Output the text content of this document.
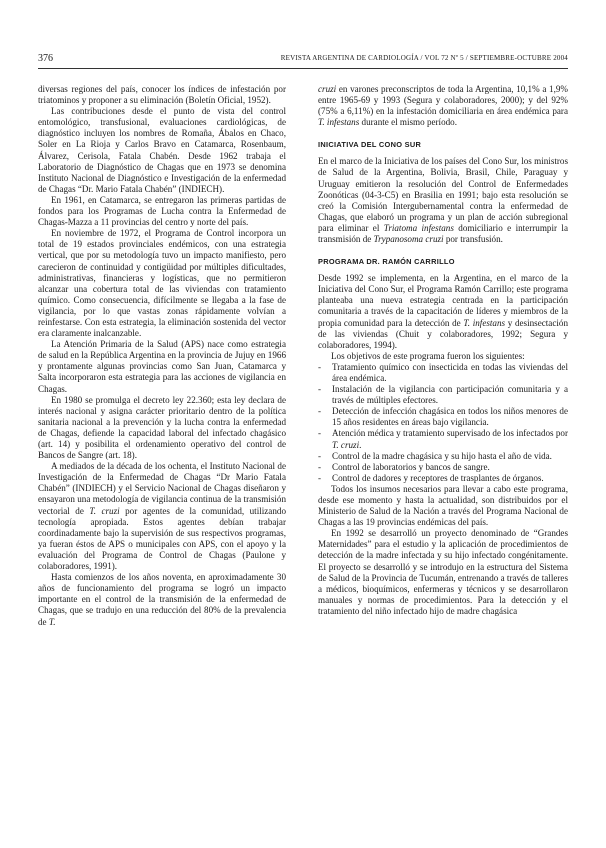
376	REVISTA ARGENTINA DE CARDIOLOGÍA / VOL 72 Nº 5 / SEPTIEMBRE-OCTUBRE 2004

diversas regiones del país, conocer los índices de infestación por triatominos y proponer a su eliminación (Boletín Oficial, 1952).

Las contribuciones desde el punto de vista del control entomológico, transfusional, evaluaciones cardiológicas, de diagnóstico incluyen los nombres de Romaña, Ábalos en Chaco, Soler en La Rioja y Carlos Bravo en Catamarca, Rosenbaum, Álvarez, Cerisola, Fatala Chabén. Desde 1962 trabaja el Laboratorio de Diagnóstico de Chagas que en 1973 se denomina Instituto Nacional de Diagnóstico e Investigación de la enfermedad de Chagas “Dr. Mario Fatala Chabén” (INDIECH).

En 1961, en Catamarca, se entregaron las primeras partidas de fondos para los Programas de Lucha contra la Enfermedad de Chagas-Mazza a 11 provincias del centro y norte del país.

En noviembre de 1972, el Programa de Control incorpora un total de 19 estados provinciales endémicos, con una estrategia vertical, que por su metodología tuvo un impacto manifiesto, pero carecieron de continuidad y contigüidad por múltiples dificultades, administrativas, financieras y logísticas, que no permitieron alcanzar una cobertura total de las viviendas con tratamiento químico. Como consecuencia, difícilmente se llegaba a la fase de vigilancia, por lo que vastas zonas rápidamente volvían a reinfestarse. Con esta estrategia, la eliminación sostenida del vector era claramente inalcanzable.

La Atención Primaria de la Salud (APS) nace como estrategia de salud en la República Argentina en la provincia de Jujuy en 1966 y prontamente algunas provincias como San Juan, Catamarca y Salta incorporaron esta estrategia para las acciones de vigilancia en Chagas.

En 1980 se promulga el decreto ley 22.360; esta ley declara de interés nacional y asigna carácter prioritario dentro de la política sanitaria nacional a la prevención y la lucha contra la enfermedad de Chagas, defiende la capacidad laboral del infectado chagásico (art. 14) y posibilita el ordenamiento operativo del control de Bancos de Sangre (art. 18).

A mediados de la década de los ochenta, el Instituto Nacional de Investigación de la Enfermedad de Chagas “Dr Mario Fatala Chabén” (INDIECH) y el Servicio Nacional de Chagas diseñaron y ensayaron una metodología de vigilancia continua de la transmisión vectorial de T. cruzi por agentes de la comunidad, utilizando tecnología apropiada. Estos agentes debían trabajar coordinadamente bajo la supervisión de sus respectivos programas, ya fueran éstos de APS o municipales con APS, con el apoyo y la evaluación del Programa de Control de Chagas (Paulone y colaboradores, 1991).

Hasta comienzos de los años noventa, en aproximadamente 30 años de funcionamiento del programa se logró un impacto importante en el control de la transmisión de la enfermedad de Chagas, que se tradujo en una reducción del 80% de la prevalencia de T.

cruzi en varones preconscriptos de toda la Argentina, 10,1% a 1,9% entre 1965-69 y 1993 (Segura y colaboradores, 2000); y del 92% (75% a 6,11%) en la infestación domiciliaria en área endémica para T. infestans durante el mismo período.

INICIATIVA DEL CONO SUR

En el marco de la Iniciativa de los países del Cono Sur, los ministros de Salud de la Argentina, Bolivia, Brasil, Chile, Paraguay y Uruguay emitieron la resolución del Control de Enfermedades Zoonóticas (04-3-C5) en Brasilia en 1991; bajo esta resolución se creó la Comisión Intergubernamental contra la enfermedad de Chagas, que elaboró un programa y un plan de acción subregional para eliminar el Triatoma infestans domiciliario e interrumpir la transmisión de Trypanosoma cruzi por transfusión.

PROGRAMA DR. RAMÓN CARRILLO

Desde 1992 se implementa, en la Argentina, en el marco de la Iniciativa del Cono Sur, el Programa Ramón Carrillo; este programa planteaba una nueva estrategia centrada en la participación comunitaria a través de la capacitación de líderes y miembros de la propia comunidad para la detección de T. infestans y desinsectación de las viviendas (Chuit y colaboradores, 1992; Segura y colaboradores, 1994).

Los objetivos de este programa fueron los siguientes:

- Tratamiento químico con insecticida en todas las viviendas del área endémica.
- Instalación de la vigilancia con participación comunitaria y a través de múltiples efectores.
- Detección de infección chagásica en todos los niños menores de 15 años residentes en áreas bajo vigilancia.
- Atención médica y tratamiento supervisado de los infectados por T. cruzi.
- Control de la madre chagásica y su hijo hasta el año de vida.
- Control de laboratorios y bancos de sangre.
- Control de dadores y receptores de trasplantes de órganos.

Todos los insumos necesarios para llevar a cabo este programa, desde ese momento y hasta la actualidad, son distribuidos por el Ministerio de Salud de la Nación a través del Programa Nacional de Chagas a las 19 provincias endémicas del país.

En 1992 se desarrolló un proyecto denominado de “Grandes Maternidades” para el estudio y la aplicación de procedimientos de detección de la madre infectada y su hijo infectado congénitamente. El proyecto se desarrolló y se introdujo en la estructura del Sistema de Salud de la Provincia de Tucumán, entrenando a través de talleres a médicos, bioquímicos, enfermeras y técnicos y se desarrollaron manuales y normas de procedimientos. Para la detección y el tratamiento del niño infectado hijo de madre chagásica
